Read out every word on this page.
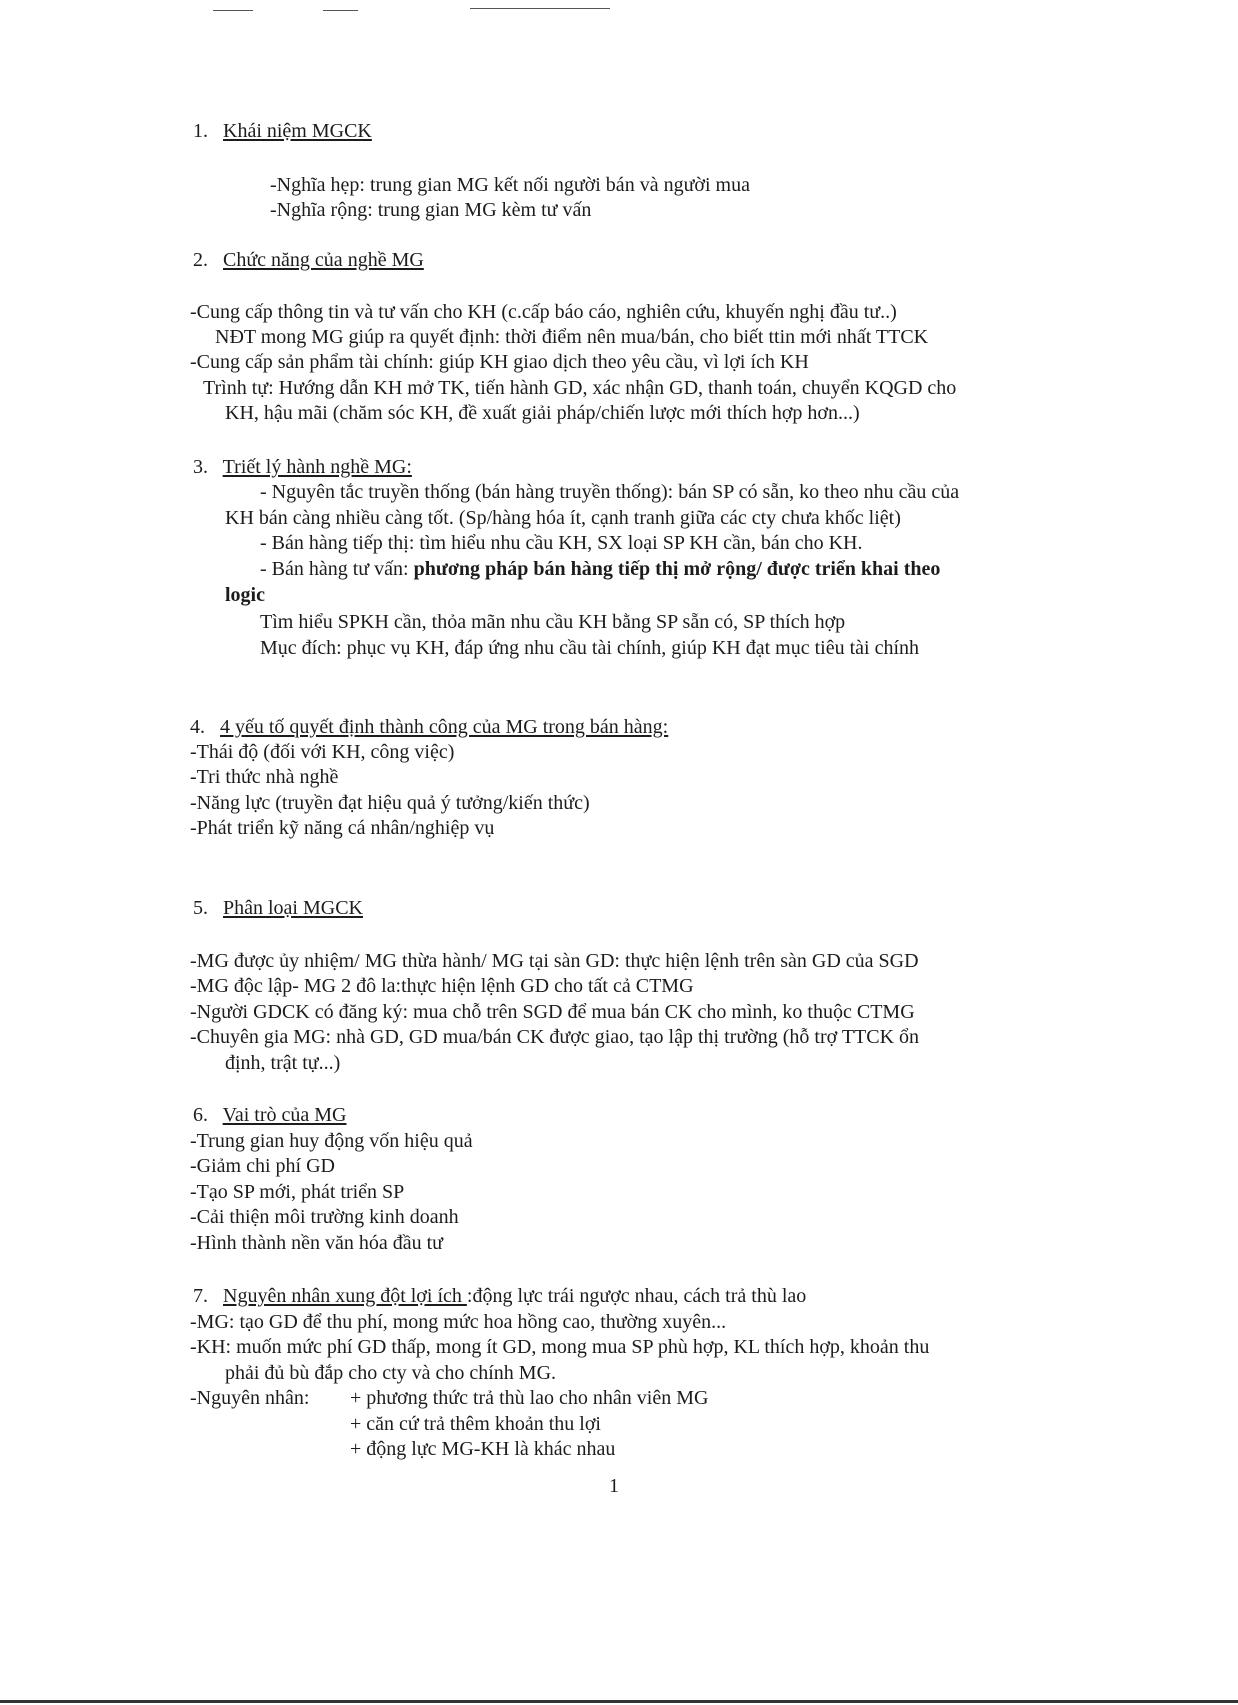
1. Khái niệm MGCK
-Nghĩa hẹp: trung gian MG kết nối người bán và người mua
-Nghĩa rộng: trung gian MG kèm tư vấn
2. Chức năng của nghề MG
-Cung cấp thông tin và tư vấn cho KH (c.cấp báo cáo, nghiên cứu, khuyến nghị đầu tư..)
NĐT mong MG giúp ra quyết định: thời điểm nên mua/bán, cho biết ttin mới nhất TTCK
-Cung cấp sản phẩm tài chính: giúp KH giao dịch theo yêu cầu, vì lợi ích KH
Trình tự: Hướng dẫn KH mở TK, tiến hành GD, xác nhận GD, thanh toán, chuyển KQGD cho
KH, hậu mãi (chăm sóc KH, đề xuất giải pháp/chiến lược mới thích hợp hơn...)
3. Triết lý hành nghề MG:
- Nguyên tắc truyền thống (bán hàng truyền thống): bán SP có sẵn, ko theo nhu cầu của
KH bán càng nhiều càng tốt. (Sp/hàng hóa ít, cạnh tranh giữa các cty chưa khốc liệt)
- Bán hàng tiếp thị: tìm hiểu nhu cầu KH, SX loại SP KH cần, bán cho KH.
- Bán hàng tư vấn: phương pháp bán hàng tiếp thị mở rộng/ được triển khai theo
logic
Tìm hiểu SPKH cần, thỏa mãn nhu cầu KH bằng SP sẵn có, SP thích hợp
Mục đích: phục vụ KH, đáp ứng nhu cầu tài chính, giúp KH đạt mục tiêu tài chính
4. 4 yếu tố quyết định thành công của MG trong bán hàng:
-Thái độ (đối với KH, công việc)
-Tri thức nhà nghề
-Năng lực (truyền đạt hiệu quả ý tưởng/kiến thức)
-Phát triển kỹ năng cá nhân/nghiệp vụ
5. Phân loại MGCK
-MG được ủy nhiệm/ MG thừa hành/ MG tại sàn GD: thực hiện lệnh trên sàn GD của SGD
-MG độc lập- MG 2 đô la:thực hiện lệnh GD cho tất cả CTMG
-Người GDCK có đăng ký: mua chỗ trên SGD để mua bán CK cho mình, ko thuộc CTMG
-Chuyên gia MG: nhà GD, GD mua/bán CK được giao, tạo lập thị trường (hỗ trợ TTCK ổn
định, trật tự...)
6. Vai trò của MG
-Trung gian huy động vốn hiệu quả
-Giảm chi phí GD
-Tạo SP mới, phát triển SP
-Cải thiện môi trường kinh doanh
-Hình thành nền văn hóa đầu tư
7. Nguyên nhân xung đột lợi ích :động lực trái ngược nhau, cách trả thù lao
-MG: tạo GD để thu phí, mong mức hoa hồng cao, thường xuyên...
-KH: muốn mức phí GD thấp, mong ít GD, mong mua SP phù hợp, KL thích hợp, khoản thu
phải đủ bù đắp cho cty và cho chính MG.
-Nguyên nhân: + phương thức trả thù lao cho nhân viên MG
+ căn cứ trả thêm khoản thu lợi
+ động lực MG-KH là khác nhau
1
